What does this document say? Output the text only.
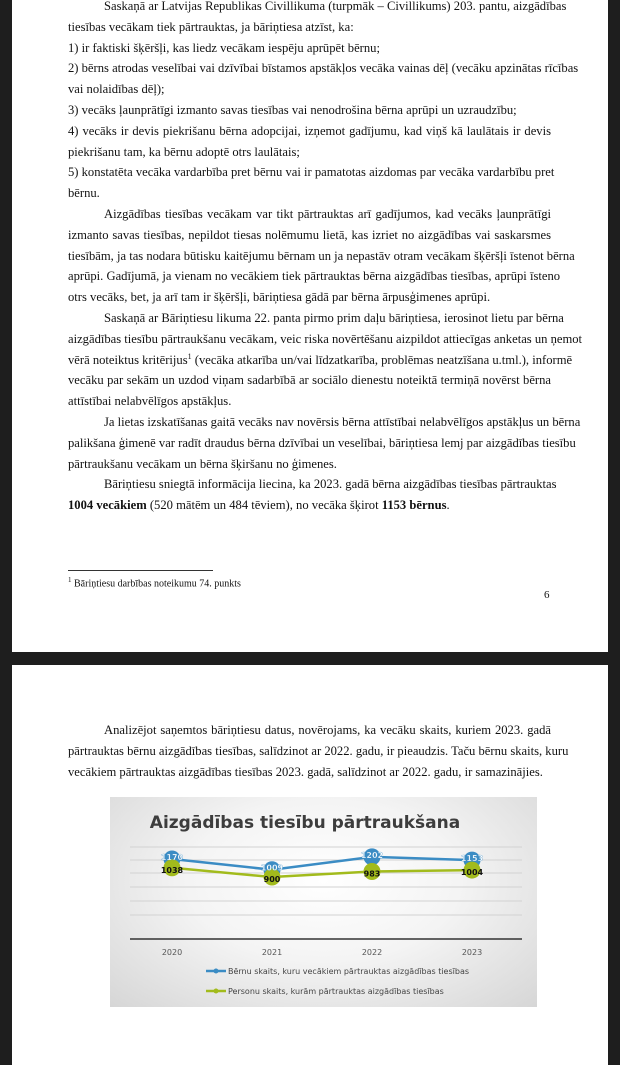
Saskaņā ar Latvijas Republikas Civillikuma (turpmāk – Civillikums) 203. pantu, aizgādības
tiesības vecākam tiek pārtrauktas, ja bāriņtiesa atzīst, ka:
1) ir faktiski šķēršļi, kas liedz vecākam iespēju aprūpēt bērnu;
2) bērns atrodas veselībai vai dzīvībai bīstamos apstākļos vecāka vainas dēļ (vecāku apzinātas rīcības
vai nolaidības dēļ);
3) vecāks ļaunprātīgi izmanto savas tiesības vai nenodrošina bērna aprūpi un uzraudzību;
4) vecāks ir devis piekrišanu bērna adopcijai, izņemot gadījumu, kad viņš kā laulātais ir devis
piekrišanu tam, ka bērnu adoptē otrs laulātais;
5) konstatēta vecāka vardarbība pret bērnu vai ir pamatotas aizdomas par vecāka vardarbību pret
bērnu.
Aizgādības tiesības vecākam var tikt pārtrauktas arī gadījumos, kad vecāks ļaunprātīgi
izmanto savas tiesības, nepildot tiesas nolēmumu lietā, kas izriet no aizgādības vai saskarsmes
tiesībām, ja tas nodara būtisku kaitējumu bērnam un ja nepastāv otram vecākam šķēršļi īstenot bērna
aprūpi. Gadījumā, ja vienam no vecākiem tiek pārtrauktas bērna aizgādības tiesības, aprūpi īsteno
otrs vecāks, bet, ja arī tam ir šķēršļi, bāriņtiesa gādā par bērna ārpusģimenes aprūpi.
Saskaņā ar Bāriņtiesu likuma 22. panta pirmo prim daļu bāriņtiesa, ierosinot lietu par bērna
aizgādības tiesību pārtraukšanu vecākam, veic riska novērtēšanu aizpildot attiecīgas anketas un ņemot
vērā noteiktus kritērijus$^1$ (vecāka atkarība un/vai līdzatkarība, problēmas neatzīšana u.tml.), informē
vecāku par sekām un uzdod viņam sadarbībā ar sociālo dienestu noteiktā termiņā novērst bērna
attīstībai nelabvēlīgos apstākļus.
Ja lietas izskatīšanas gaitā vecāks nav novērsis bērna attīstībai nelabvēlīgos apstākļus un bērna
palikšana ģimenē var radīt draudus bērna dzīvībai un veselībai, bāriņtiesa lemj par aizgādības tiesību
pārtraukšanu vecākam un bērna šķiršanu no ģimenes.
Bāriņtiesu sniegtā informācija liecina, ka 2023. gadā bērna aizgādības tiesības pārtrauktas
1004 vecākiem (520 mātēm un 484 tēviem), no vecāka šķirot 1153 bērnus.
$^1$ Bāriņtiesu darbības noteikumu 74. punkts
6
Analizējot saņemtos bāriņtiesu datus, novērojams, ka vecāku skaits, kuriem 2023. gadā
pārtrauktas bērnu aizgādības tiesības, salīdzinot ar 2022. gadu, ir pieaudzis. Taču bērnu skaits, kuru
vecākiem pārtrauktas aizgādības tiesības 2023. gadā, salīdzinot ar 2022. gadu, ir samazinājies.
Aizgādības tiesību pārtraukšana
2020	2021	2022	2023
1170
1009
1202	1153
1038
900
983	1004
Bērnu skaits, kuru vecākiem pārtrauktas aizgādības tiesības
Personu skaits, kurām pārtrauktas aizgādības tiesības
